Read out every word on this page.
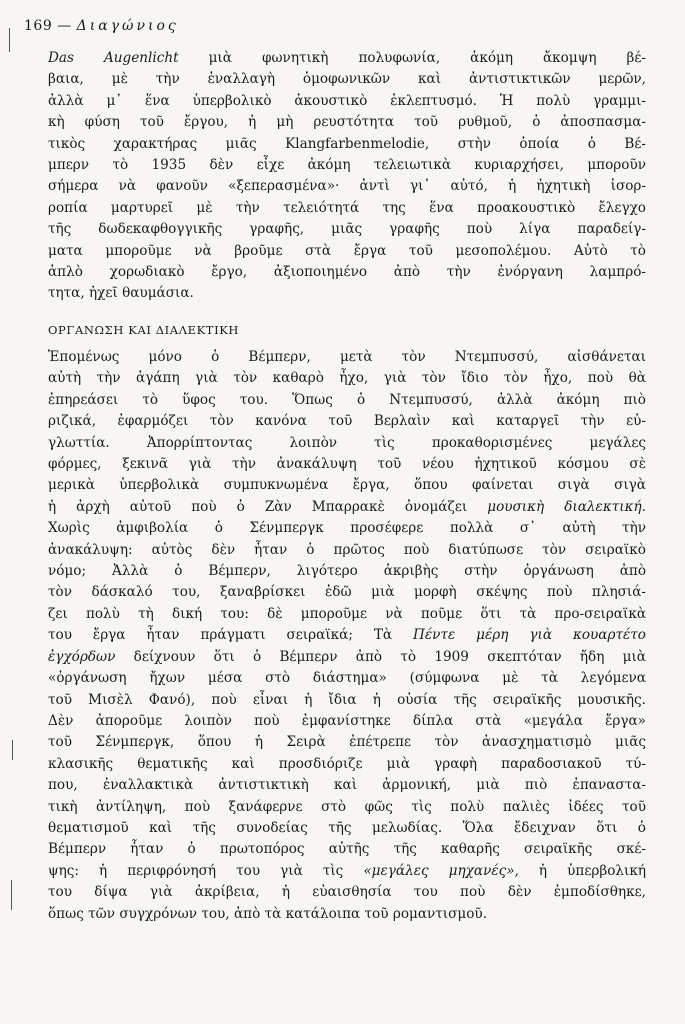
169 — Διαγώνιος
Das Augenlicht μιὰ φωνητικὴ πολυφωνία, ἀκόμη ἄκομψη βέ-
βαια, μὲ τὴν ἐναλλαγὴ ὁμοφωνικῶν καὶ ἀντιστικτικῶν μερῶν,
ἀλλὰ μ᾽ ἕνα ὑπερβολικὸ ἀκουστικὸ ἐκλεπτυσμό. Ἡ πολὺ γραμμι-
κὴ φύση τοῦ ἔργου, ἡ μὴ ρευστότητα τοῦ ρυθμοῦ, ὁ ἀποσπασμα-
τικὸς χαρακτήρας μιᾶς Klangfarbenmelodie, στὴν ὁποία ὁ Βέ-
μπερν τὸ 1935 δὲν εἶχε ἀκόμη τελειωτικὰ κυριαρχήσει, μποροῦν
σήμερα νὰ φανοῦν «ξεπερασμένα»· ἀντὶ γι᾽ αὐτό, ἡ ἠχητικὴ ἰσορ-
ροπία μαρτυρεῖ μὲ τὴν τελειότητά της ἕνα προακουστικὸ ἔλεγχο
τῆς δωδεκαφθογγικῆς γραφῆς, μιᾶς γραφῆς ποὺ λίγα παραδείγ-
ματα μποροῦμε νὰ βροῦμε στὰ ἔργα τοῦ μεσοπολέμου. Αὐτὸ τὸ
ἁπλὸ χορωδιακὸ ἔργο, ἀξιοποιημένο ἀπὸ τὴν ἐνόργανη λαμπρό-
τητα, ἠχεῖ θαυμάσια.
ΟΡΓΑΝΩΣΗ ΚΑΙ ΔΙΑΛΕΚΤΙΚΗ
Ἑπομένως μόνο ὁ Βέμπερν, μετὰ τὸν Ντεμπυσσύ, αἰσθάνεται
αὐτὴ τὴν ἀγάπη γιὰ τὸν καθαρὸ ἦχο, γιὰ τὸν ἴδιο τὸν ἦχο, ποὺ θὰ
ἐπηρεάσει τὸ ὕφος του. Ὅπως ὁ Ντεμπυσσύ, ἀλλὰ ἀκόμη πιὸ
ριζικά, ἐφαρμόζει τὸν κανόνα τοῦ Βερλαὶν καὶ καταργεῖ τὴν εὐ-
γλωττία. Ἀπορρίπτοντας λοιπὸν τὶς προκαθορισμένες μεγάλες
φόρμες, ξεκινᾶ γιὰ τὴν ἀνακάλυψη τοῦ νέου ἠχητικοῦ κόσμου σὲ
μερικὰ ὑπερβολικὰ συμπυκνωμένα ἔργα, ὅπου φαίνεται σιγὰ σιγὰ
ἡ ἀρχὴ αὐτοῦ ποὺ ὁ Ζὰν Μπαρρακὲ ὀνομάζει μουσικὴ διαλεκτική.
Χωρὶς ἀμφιβολία ὁ Σένμπεργκ προσέφερε πολλὰ σ᾽ αὐτὴ τὴν
ἀνακάλυψη: αὐτὸς δὲν ἦταν ὁ πρῶτος ποὺ διατύπωσε τὸν σειραϊκὸ
νόμο; Ἀλλὰ ὁ Βέμπερν, λιγότερο ἀκριβὴς στὴν ὀργάνωση ἀπὸ
τὸν δάσκαλό του, ξαναβρίσκει ἐδῶ μιὰ μορφὴ σκέψης ποὺ πλησιά-
ζει πολὺ τὴ δική του: δὲ μποροῦμε νὰ ποῦμε ὅτι τὰ προ-σειραϊκὰ
του ἔργα ἦταν πράγματι σειραϊκά; Τὰ Πέντε μέρη γιὰ κουαρτέτο
ἐγχόρδων δείχνουν ὅτι ὁ Βέμπερν ἀπὸ τὸ 1909 σκεπτόταν ἤδη μιὰ
«ὀργάνωση ἤχων μέσα στὸ διάστημα» (σύμφωνα μὲ τὰ λεγόμενα
τοῦ Μισὲλ Φανό), ποὺ εἶναι ἡ ἴδια ἡ οὐσία τῆς σειραϊκῆς μουσικῆς.
Δὲν ἀποροῦμε λοιπὸν ποὺ ἐμφανίστηκε δίπλα στὰ «μεγάλα ἔργα»
τοῦ Σένμπεργκ, ὅπου ἡ Σειρὰ ἐπέτρεπε τὸν ἀνασχηματισμὸ μιᾶς
κλασικῆς θεματικῆς καὶ προσδιόριζε μιὰ γραφὴ παραδοσιακοῦ τύ-
που, ἐναλλακτικὰ ἀντιστικτικὴ καὶ ἁρμονική, μιὰ πιὸ ἐπαναστα-
τικὴ ἀντίληψη, ποὺ ξανάφερνε στὸ φῶς τὶς πολὺ παλιὲς ἰδέες τοῦ
θεματισμοῦ καὶ τῆς συνοδείας τῆς μελωδίας. Ὅλα ἔδειχναν ὅτι ὁ
Βέμπερν ἦταν ὁ πρωτοπόρος αὐτῆς τῆς καθαρῆς σειραϊκῆς σκέ-
ψης: ἡ περιφρόνησή του γιὰ τὶς «μεγάλες μηχανές», ἡ ὑπερβολική
του δίψα γιὰ ἀκρίβεια, ἡ εὐαισθησία του ποὺ δὲν ἐμποδίσθηκε,
ὅπως τῶν συγχρόνων του, ἀπὸ τὰ κατάλοιπα τοῦ ρομαντισμοῦ.
